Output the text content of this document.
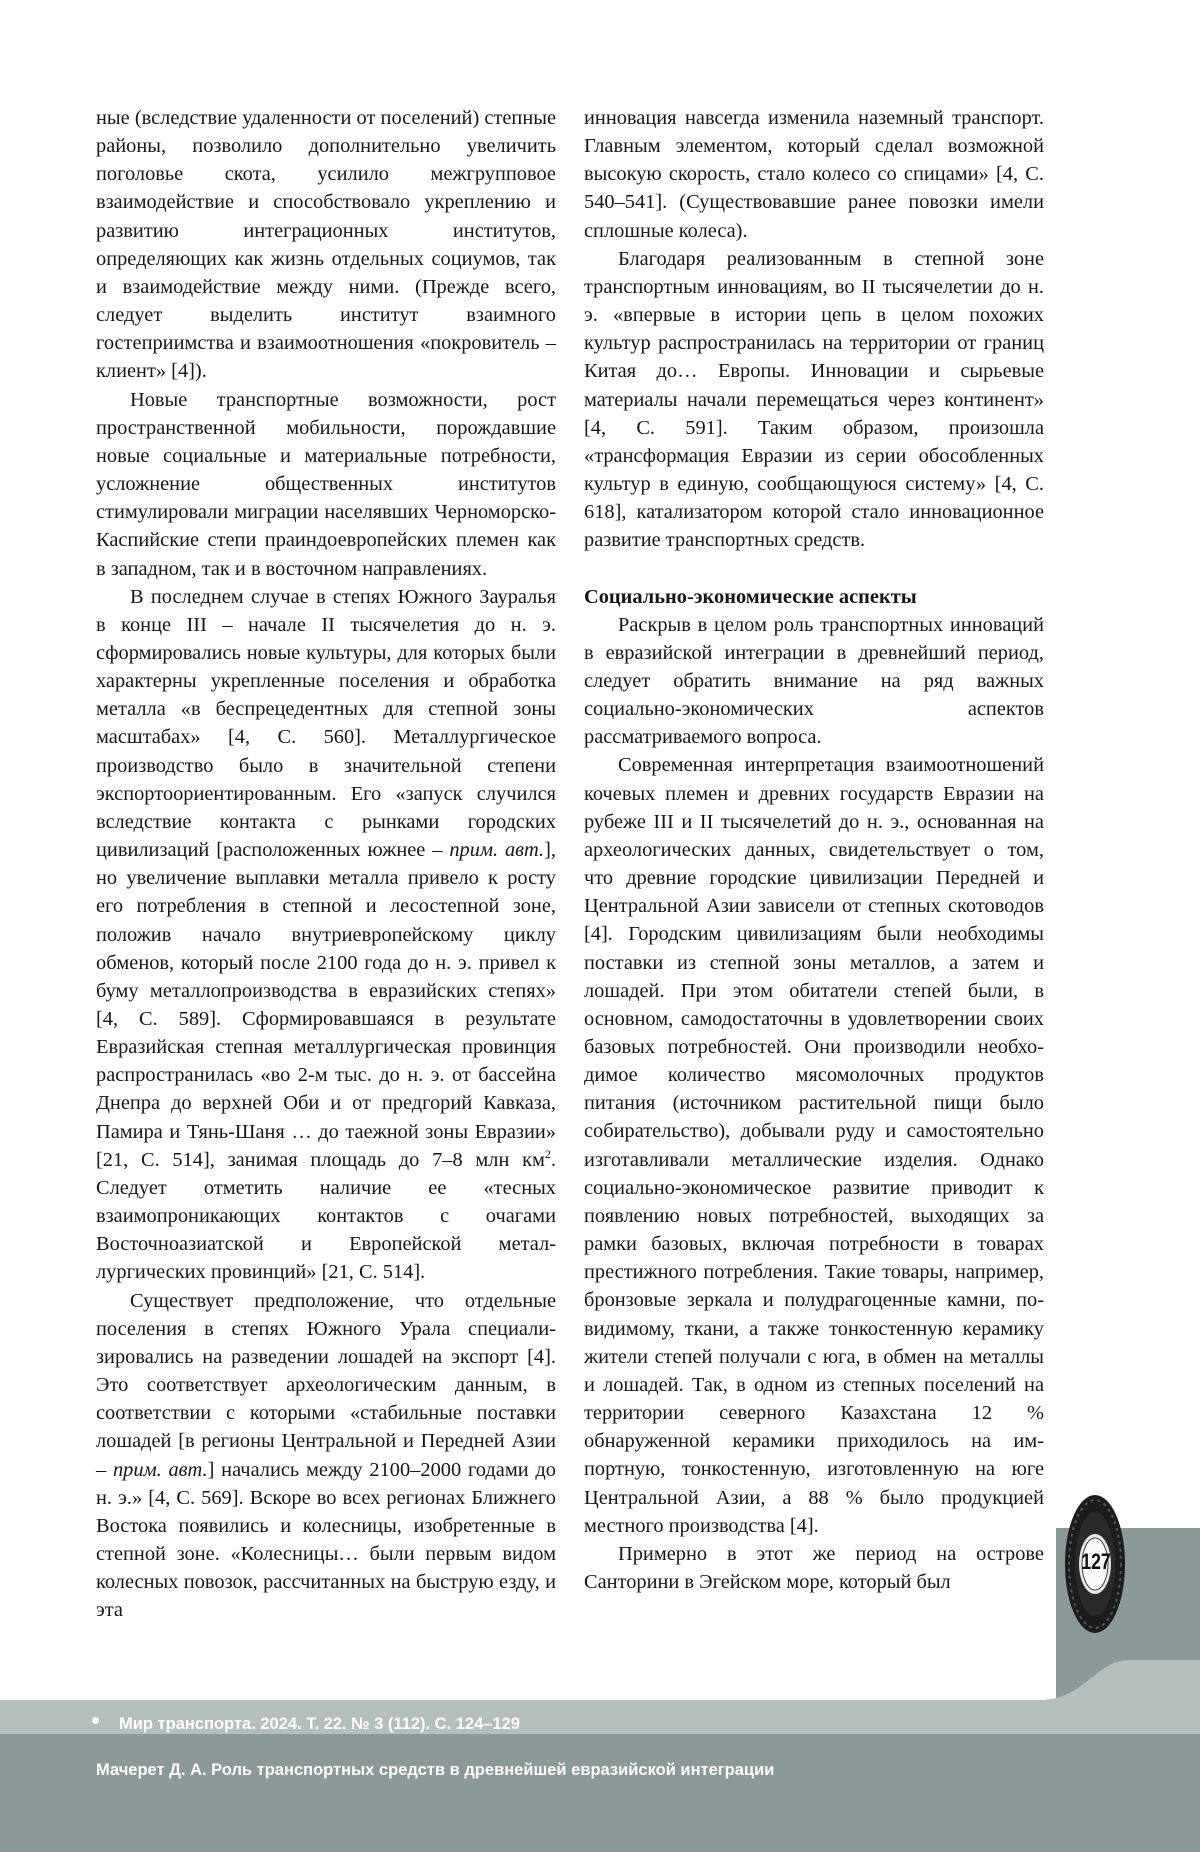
ные (вследствие удаленности от поселений) степные районы, позволило дополнительно увеличить поголовье скота, усилило межгрупповое взаимодействие и способствовало укреплению и развитию интеграционных институтов, определяющих как жизнь отдельных социумов, так и взаимодействие между ними. (Прежде всего, следует выделить институт взаимного гостеприимства и взаимоотношения «покровитель – клиент» [4]).

Новые транспортные возможности, рост пространственной мобильности, порождавшие новые социальные и материальные потребности, усложнение общественных институтов стимулировали миграции населявших Черноморско-Каспийские степи праиндоевропейских племен как в западном, так и в восточном направлениях.

В последнем случае в степях Южного Зауралья в конце III – начале II тысячелетия до н. э. сформировались новые культуры, для которых были характерны укрепленные поселения и обработка металла «в беспрецедентных для степной зоны масштабах» [4, С. 560]. Металлургическое производство было в значительной степени экспортоориентированным. Его «запуск случился вследствие контакта с рынками городских цивилизаций [расположенных южнее – прим. авт.], но увеличение выплавки металла привело к росту его потребления в степной и лесостепной зоне, положив начало внутриевропейскому циклу обменов, который после 2100 года до н. э. привел к буму металлопроизводства в евразийских степях» [4, С. 589]. Сформировавшаяся в результате Евразийская степная металлургическая провинция распространилась «во 2-м тыс. до н. э. от бассейна Днепра до верхней Оби и от предгорий Кавказа, Памира и Тянь-Шаня … до таежной зоны Евразии» [21, С. 514], занимая площадь до 7–8 млн $км^2$. Следует отметить наличие ее «тесных взаимопроникающих контактов с очагами Восточноазиатской и Европейской металлургических провинций» [21, С. 514].

Существует предположение, что отдельные поселения в степях Южного Урала специализировались на разведении лошадей на экспорт [4]. Это соответствует археологическим данным, в соответствии с которыми «стабильные поставки лошадей [в регионы Центральной и Передней Азии – прим. авт.] начались между 2100–2000 годами до н. э.» [4, С. 569]. Вскоре во всех регионах Ближнего Востока появились и колесницы, изобретенные в степной зоне. «Колесницы… были первым видом колесных повозок, рассчитанных на быструю езду, и эта

инновация навсегда изменила наземный транспорт. Главным элементом, который сделал возможной высокую скорость, стало колесо со спицами» [4, С. 540–541]. (Существовавшие ранее повозки имели сплошные колеса).

Благодаря реализованным в степной зоне транспортным инновациям, во II тысячелетии до н. э. «впервые в истории цепь в целом похожих культур распространилась на территории от границ Китая до… Европы. Инновации и сырьевые материалы начали перемещаться через континент» [4, С. 591]. Таким образом, произошла «трансформация Евразии из серии обособленных культур в единую, сообщающуюся систему» [4, С. 618], катализатором которой стало инновационное развитие транспортных средств.

Социально-экономические аспекты

Раскрыв в целом роль транспортных инноваций в евразийской интеграции в древнейший период, следует обратить внимание на ряд важных социально-экономических аспектов рассматриваемого вопроса.

Современная интерпретация взаимоотношений кочевых племен и древних государств Евразии на рубеже III и II тысячелетий до н. э., основанная на археологических данных, свидетельствует о том, что древние городские цивилизации Передней и Центральной Азии зависели от степных скотоводов [4]. Городским цивилизациям были необходимы поставки из степной зоны металлов, а затем и лошадей. При этом обитатели степей были, в основном, самодостаточны в удовлетворении своих базовых потребностей. Они производили необходимое количество мясомолочных продуктов питания (источником растительной пищи было собирательство), добывали руду и самостоятельно изготавливали металлические изделия. Однако социально-экономическое развитие приводит к появлению новых потребностей, выходящих за рамки базовых, включая потребности в товарах престижного потребления. Такие товары, например, бронзовые зеркала и полудрагоценные камни, по-видимому, ткани, а также тонкостенную керамику жители степей получали с юга, в обмен на металлы и лошадей. Так, в одном из степных поселений на территории северного Казахстана 12 % обнаруженной керамики приходилось на импортную, тонкостенную, изготовленную на юге Центральной Азии, а 88 % было продукцией местного производства [4].

Примерно в этот же период на острове Санторини в Эгейском море, который был

127
Мир транспорта. 2024. Т. 22. № 3 (112). С. 124–129
Мачерет Д. А. Роль транспортных средств в древнейшей евразийской интеграции
